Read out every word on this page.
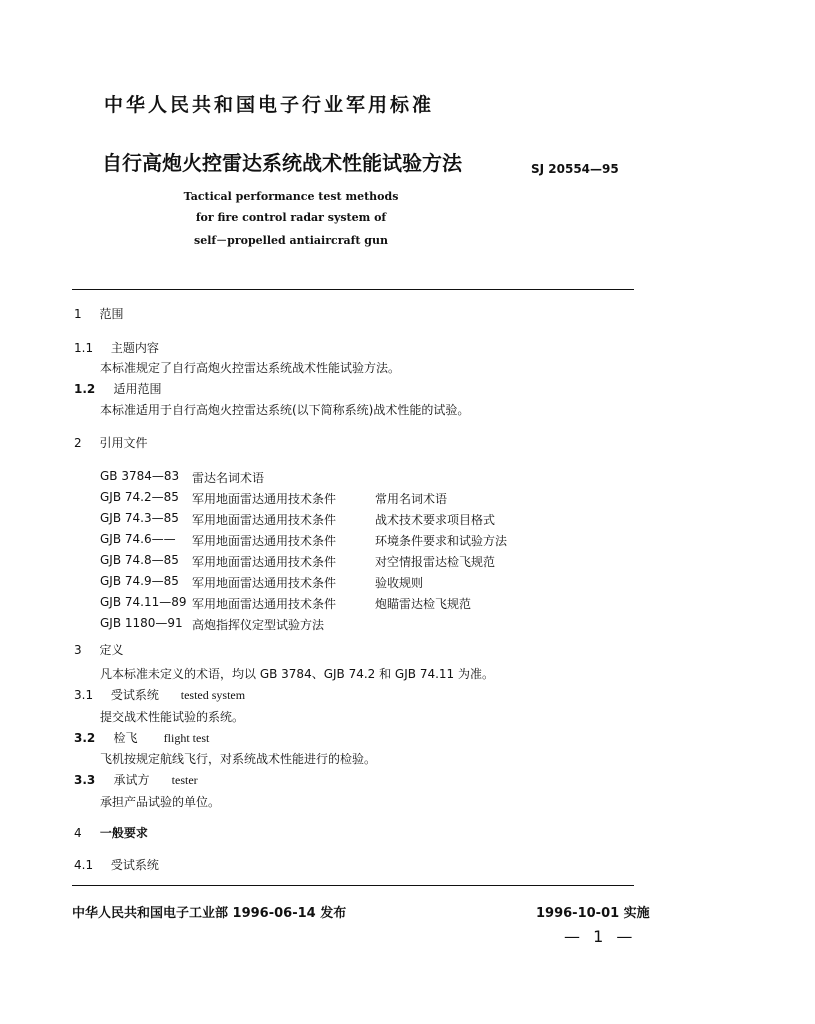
中华人民共和国电子行业军用标准
自行高炮火控雷达系统战术性能试验方法	SJ 20554—95
Tactical performance test methods
for fire control radar system of
self－propelled antiaircraft gun
1 范围
1.1 主题内容
本标准规定了自行高炮火控雷达系统战术性能试验方法。
1.2 适用范围
本标准适用于自行高炮火控雷达系统(以下简称系统)战术性能的试验。
2 引用文件
GB 3784—83 雷达名词术语
GJB 74.2—85 军用地面雷达通用技术条件	常用名词术语
GJB 74.3—85 军用地面雷达通用技术条件	战术技术要求项目格式
GJB 74.6—— 军用地面雷达通用技术条件	环境条件要求和试验方法
GJB 74.8—85 军用地面雷达通用技术条件	对空情报雷达检飞规范
GJB 74.9—85 军用地面雷达通用技术条件	验收规则
GJB 74.11—89 军用地面雷达通用技术条件	炮瞄雷达检飞规范
GJB 1180—91 高炮指挥仪定型试验方法
3 定义
凡本标准未定义的术语，均以 GB 3784、GJB 74.2 和 GJB 74.11 为准。
3.1 受试系统 tested system
提交战术性能试验的系统。
3.2 检飞 flight test
飞机按规定航线飞行，对系统战术性能进行的检验。
3.3 承试方 tester
承担产品试验的单位。
4 一般要求
4.1 受试系统
中华人民共和国电子工业部 1996-06-14 发布	1996-10-01 实施
— 1 —
